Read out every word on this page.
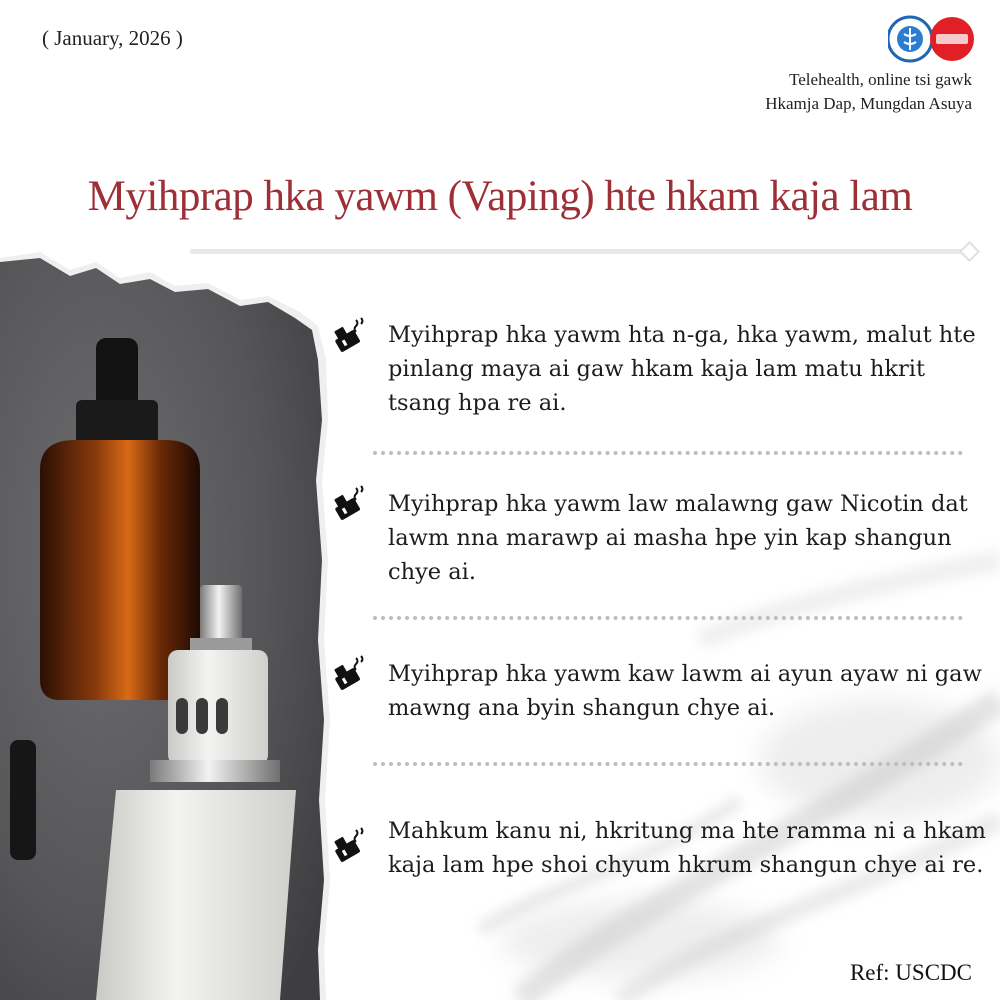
( January, 2026 )
Telehealth, online tsi gawk
Hkamja Dap, Mungdan Asuya
Myihprap hka yawm (Vaping) hte hkam kaja lam
Myihprap hka yawm hta n-ga, hka yawm, malut hte pinlang maya ai gaw hkam kaja lam matu hkrit tsang hpa re ai.
Myihprap hka yawm law malawng gaw Nicotin dat lawm nna marawp ai masha hpe yin kap shangun chye ai.
Myihprap hka yawm kaw lawm ai ayun ayaw ni gaw mawng ana byin shangun chye ai.
Mahkum kanu ni, hkritung ma hte ramma ni a hkam kaja lam hpe shoi chyum hkrum shangun chye ai re.
Ref: USCDC
